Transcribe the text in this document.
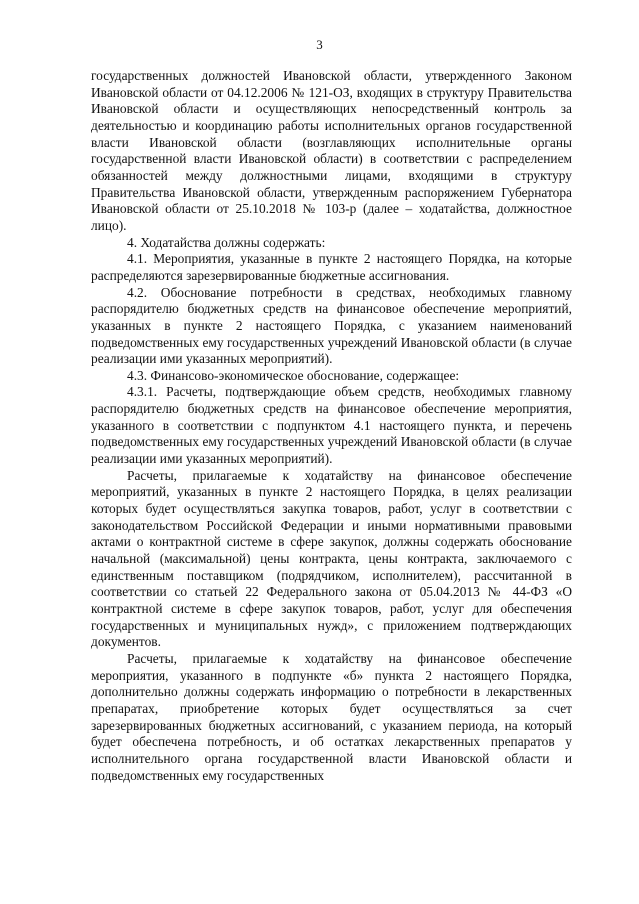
3

государственных должностей Ивановской области, утвержденного Законом Ивановской области от 04.12.2006 № 121-ОЗ, входящих в структуру Правительства Ивановской области и осуществляющих непосредственный контроль за деятельностью и координацию работы исполнительных органов государственной власти Ивановской области (возглавляющих исполнительные органы государственной власти Ивановской области) в соответствии с распределением обязанностей между должностными лицами, входящими в структуру Правительства Ивановской области, утвержденным распоряжением Губернатора Ивановской области от 25.10.2018 № 103-р (далее – ходатайства, должностное лицо).

4. Ходатайства должны содержать:

4.1. Мероприятия, указанные в пункте 2 настоящего Порядка, на которые распределяются зарезервированные бюджетные ассигнования.

4.2. Обоснование потребности в средствах, необходимых главному распорядителю бюджетных средств на финансовое обеспечение мероприятий, указанных в пункте 2 настоящего Порядка, с указанием наименований подведомственных ему государственных учреждений Ивановской области (в случае реализации ими указанных мероприятий).

4.3. Финансово-экономическое обоснование, содержащее:

4.3.1. Расчеты, подтверждающие объем средств, необходимых главному распорядителю бюджетных средств на финансовое обеспечение мероприятия, указанного в соответствии с подпунктом 4.1 настоящего пункта, и перечень подведомственных ему государственных учреждений Ивановской области (в случае реализации ими указанных мероприятий).

Расчеты, прилагаемые к ходатайству на финансовое обеспечение мероприятий, указанных в пункте 2 настоящего Порядка, в целях реализации которых будет осуществляться закупка товаров, работ, услуг в соответствии с законодательством Российской Федерации и иными нормативными правовыми актами о контрактной системе в сфере закупок, должны содержать обоснование начальной (максимальной) цены контракта, цены контракта, заключаемого с единственным поставщиком (подрядчиком, исполнителем), рассчитанной в соответствии со статьей 22 Федерального закона от 05.04.2013 № 44-ФЗ «О контрактной системе в сфере закупок товаров, работ, услуг для обеспечения государственных и муниципальных нужд», с приложением подтверждающих документов.

Расчеты, прилагаемые к ходатайству на финансовое обеспечение мероприятия, указанного в подпункте «б» пункта 2 настоящего Порядка, дополнительно должны содержать информацию о потребности в лекарственных препаратах, приобретение которых будет осуществляться за счет зарезервированных бюджетных ассигнований, с указанием периода, на который будет обеспечена потребность, и об остатках лекарственных препаратов у исполнительного органа государственной власти Ивановской области и подведомственных ему государственных
